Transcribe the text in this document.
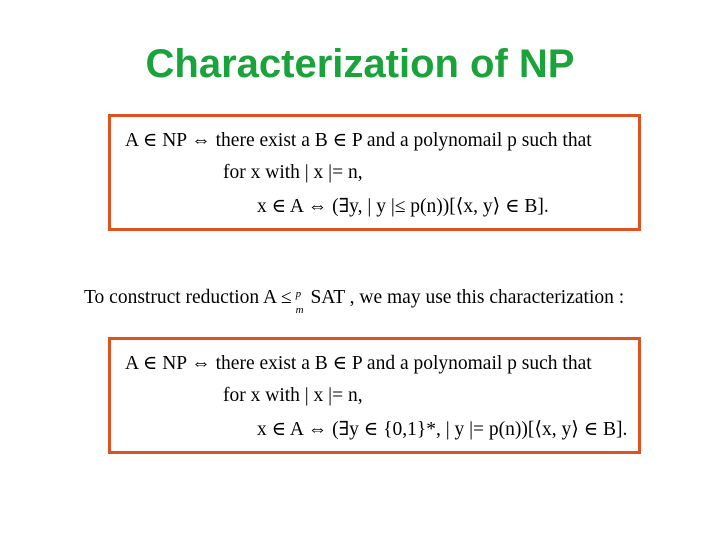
Characterization of NP
A ∈ NP ⇔ there exist a B ∈ P and a polynomail p such that
for x with | x |= n,
x ∈ A ⇔ (∃y, | y |≤ p(n))[⟨x, y⟩ ∈ B].
To construct reduction A ≤ p
m
SAT , we may use this characterization :
A ∈ NP ⇔ there exist a B ∈ P and a polynomail p such that
for x with | x |= n,
x ∈ A ⇔ (∃y ∈ {0,1}*, | y |= p(n))[⟨x, y⟩ ∈ B].
